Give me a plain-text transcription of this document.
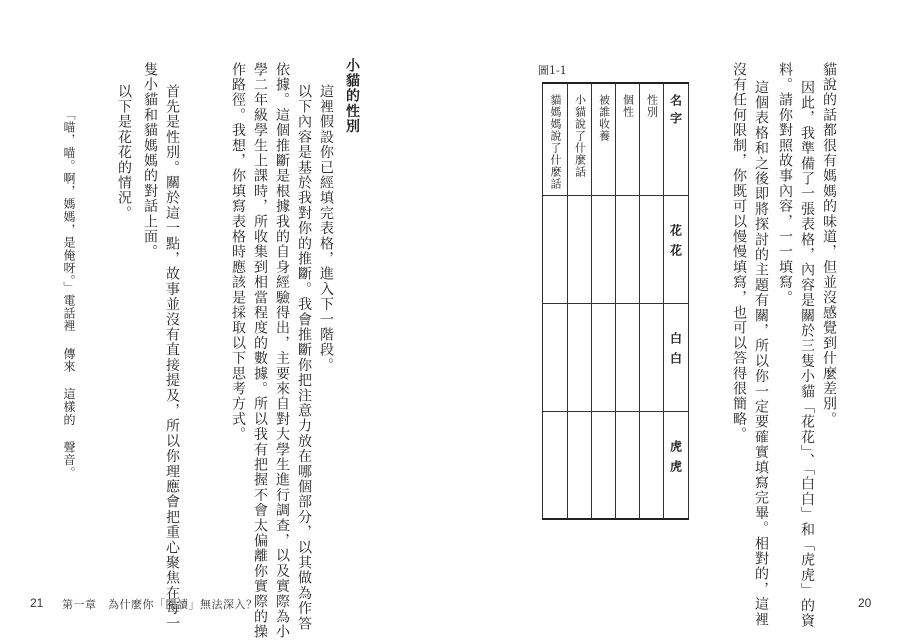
貓說的話都很有媽媽的味道，但並沒感覺到什麼差別。
因此，我準備了一張表格，內容是關於三隻小貓「花花」、「白白」和「虎虎」的資
料。請你對照故事內容，一一填寫。
這個表格和之後即將探討的主題有關，所以你一定要確實填寫完畢。相對的，這裡
沒有任何限制，你既可以慢慢填寫，也可以答得很簡略。
圖1-1
貓媽媽說了什麼話	小貓說了什麼話	被誰收養	個性	性別	名字

					花花

					白白

					虎虎
20
小貓的性別
這裡假設你已經填完表格，進入下一階段。
以下內容是基於我對你的推斷。我會推斷你把注意力放在哪個部分，以其做為作答
依據。這個推斷是根據我的自身經驗得出，主要來自對大學生進行調查，以及實際為小
學二年級學生上課時，所收集到相當程度的數據。所以我有把握不會太偏離你實際的操
作路徑。我想，你填寫表格時應該是採取以下思考方式。
首先是性別。關於這一點，故事並沒有直接提及，所以你理應會把重心聚焦在每一
隻小貓和貓媽媽的對話上面。
以下是花花的情況。
「喵，喵。啊，媽媽，是俺呀。」電話裡 傳來 這樣的 聲音。
21 第一章　為什麼你「閱讀」無法深入？
